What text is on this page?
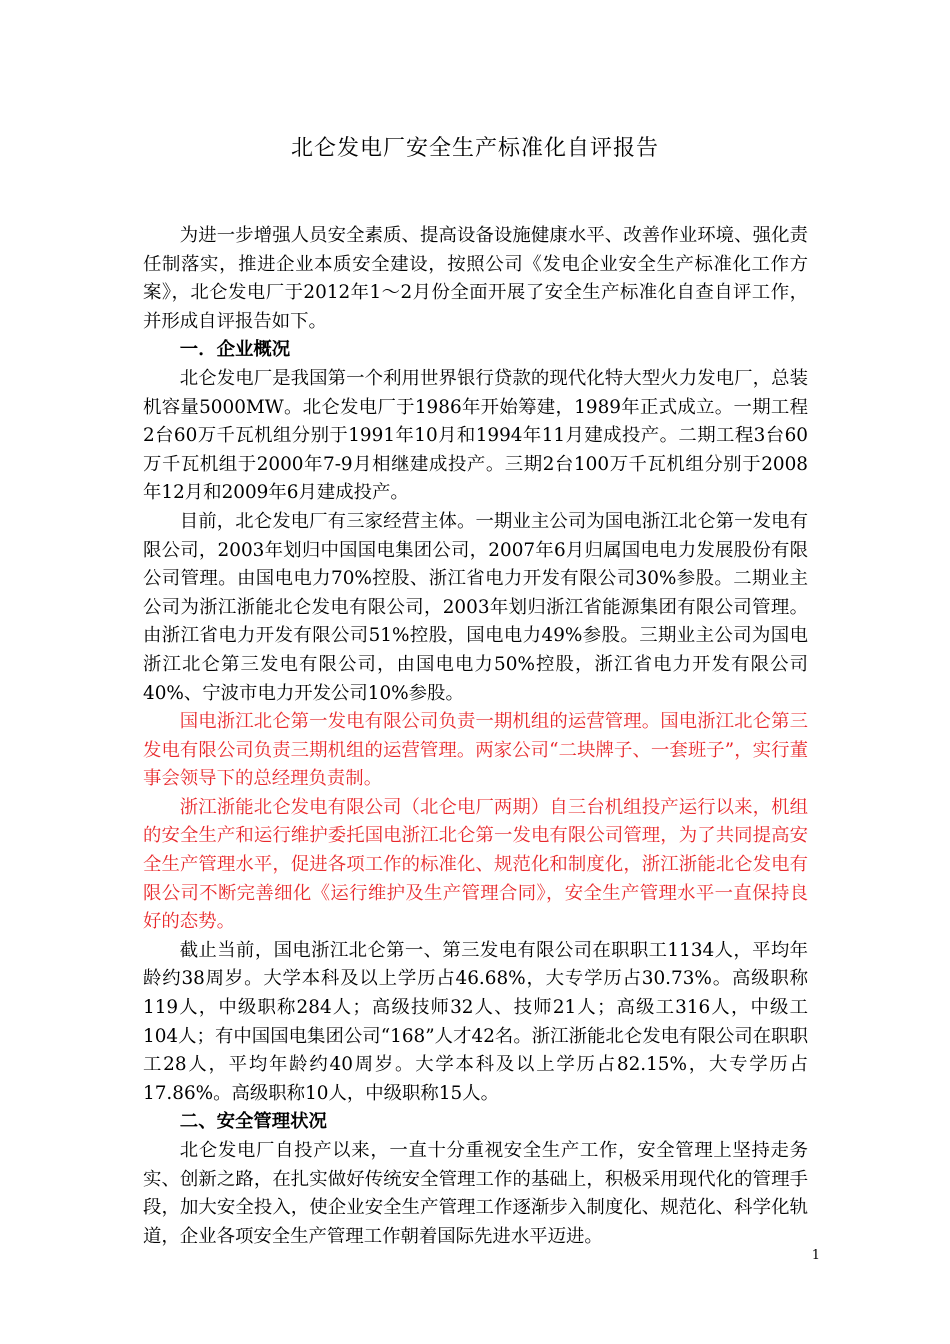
北仑发电厂安全生产标准化自评报告

为进一步增强人员安全素质、提高设备设施健康水平、改善作业环境、强化责任制落实，推进企业本质安全建设，按照公司《发电企业安全生产标准化工作方案》，北仑发电厂于2012年1～2月份全面开展了安全生产标准化自查自评工作，并形成自评报告如下。

一．企业概况

北仑发电厂是我国第一个利用世界银行贷款的现代化特大型火力发电厂，总装机容量5000MW。北仑发电厂于1986年开始筹建，1989年正式成立。一期工程2台60万千瓦机组分别于1991年10月和1994年11月建成投产。二期工程3台60万千瓦机组于2000年7-9月相继建成投产。三期2台100万千瓦机组分别于2008年12月和2009年6月建成投产。

目前，北仑发电厂有三家经营主体。一期业主公司为国电浙江北仑第一发电有限公司，2003年划归中国国电集团公司，2007年6月归属国电电力发展股份有限公司管理。由国电电力70%控股、浙江省电力开发有限公司30%参股。二期业主公司为浙江浙能北仑发电有限公司，2003年划归浙江省能源集团有限公司管理。由浙江省电力开发有限公司51%控股，国电电力49%参股。三期业主公司为国电浙江北仑第三发电有限公司，由国电电力50%控股，浙江省电力开发有限公司40%、宁波市电力开发公司10%参股。

国电浙江北仑第一发电有限公司负责一期机组的运营管理。国电浙江北仑第三发电有限公司负责三期机组的运营管理。两家公司“二块牌子、一套班子”，实行董事会领导下的总经理负责制。

浙江浙能北仑发电有限公司（北仑电厂两期）自三台机组投产运行以来，机组的安全生产和运行维护委托国电浙江北仑第一发电有限公司管理，为了共同提高安全生产管理水平，促进各项工作的标准化、规范化和制度化，浙江浙能北仑发电有限公司不断完善细化《运行维护及生产管理合同》，安全生产管理水平一直保持良好的态势。

截止当前，国电浙江北仑第一、第三发电有限公司在职职工1134人，平均年龄约38周岁。大学本科及以上学历占46.68%，大专学历占30.73%。高级职称119人，中级职称284人；高级技师32人、技师21人；高级工316人，中级工104人；有中国国电集团公司“168”人才42名。浙江浙能北仑发电有限公司在职职工28人，平均年龄约40周岁。大学本科及以上学历占82.15%，大专学历占17.86%。高级职称10人，中级职称15人。

二、安全管理状况

北仑发电厂自投产以来，一直十分重视安全生产工作，安全管理上坚持走务实、创新之路，在扎实做好传统安全管理工作的基础上，积极采用现代化的管理手段，加大安全投入，使企业安全生产管理工作逐渐步入制度化、规范化、科学化轨道，企业各项安全生产管理工作朝着国际先进水平迈进。

1
